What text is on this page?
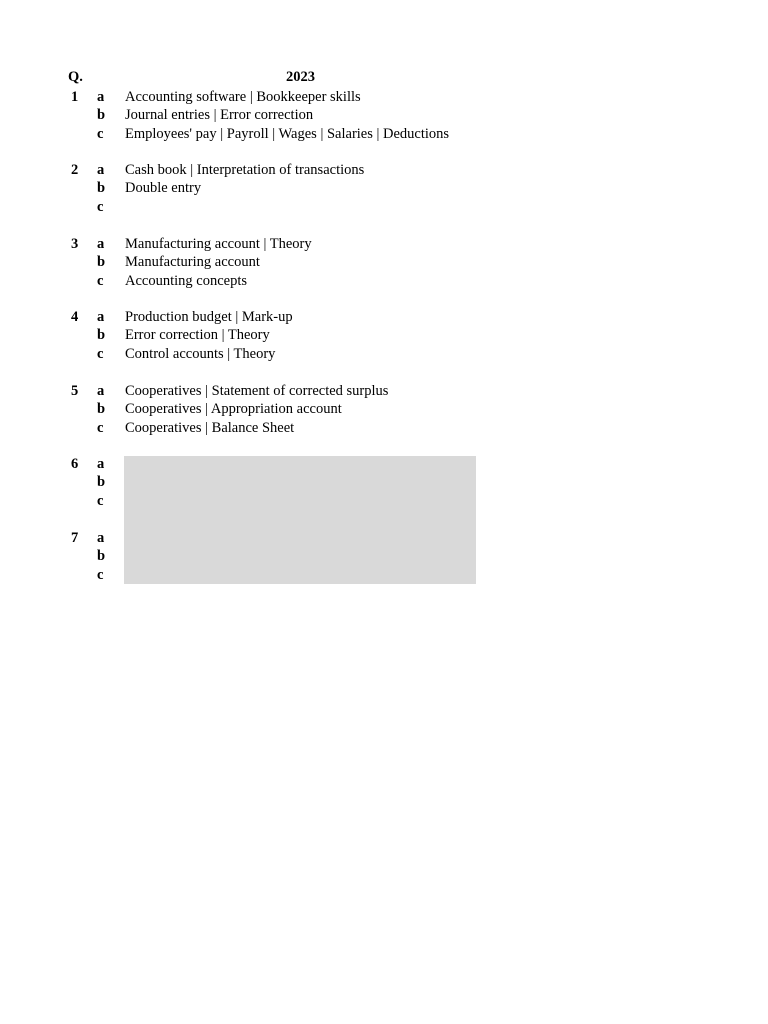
Q.	2023
1 a Accounting software | Bookkeeper skills
b Journal entries | Error correction
c Employees' pay | Payroll | Wages | Salaries | Deductions
2 a Cash book | Interpretation of transactions
b Double entry
c
3 a Manufacturing account | Theory
b Manufacturing account
c Accounting concepts
4 a Production budget | Mark-up
b Error correction | Theory
c Control accounts | Theory
5 a Cooperatives | Statement of corrected surplus
b Cooperatives | Appropriation account
c Cooperatives | Balance Sheet
6 a
b
c
7 a
b
c
